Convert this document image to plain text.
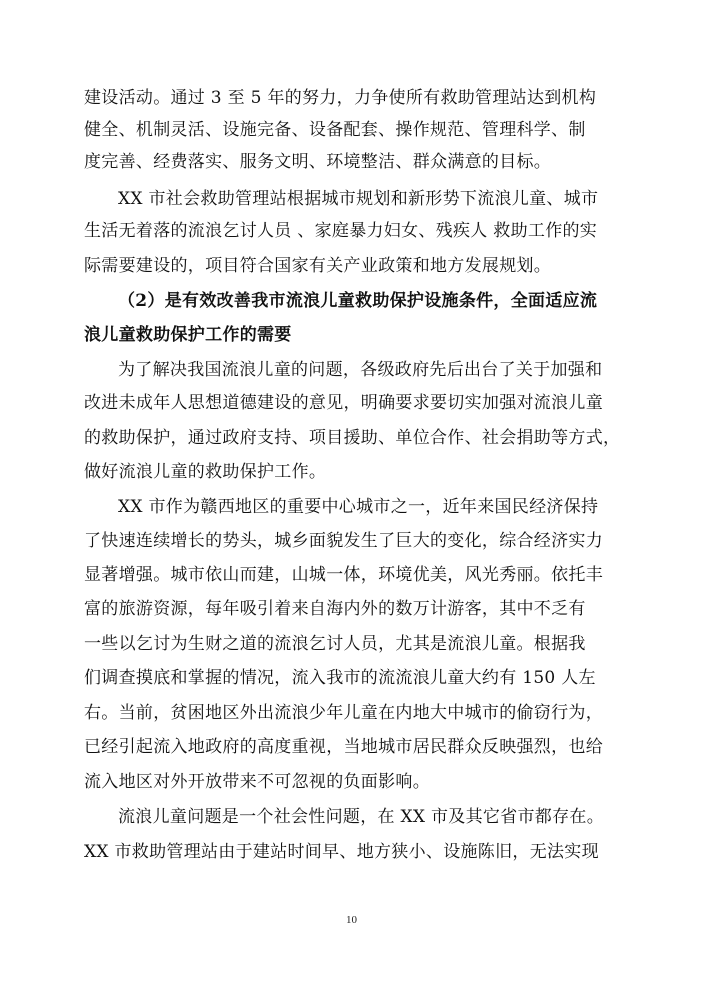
​
建设活动。通过 3 至 5 年的努力，力争使所有救助管理站达到机构
健全、机制灵活、设施完备、设备配套、操作规范、管理科学、制
度完善、经费落实、服务文明、环境整洁、群众满意的目标。
XX 市社会救助管理站根据城市规划和新形势下流浪儿童、城市
生活无着落的流浪乞讨人员 、家庭暴力妇女、残疾人 救助工作的实
际需要建设的，项目符合国家有关产业政策和地方发展规划。
（2）是有效改善我市流浪儿童救助保护设施条件，全面适应流
浪儿童救助保护工作的需要
为了解决我国流浪儿童的问题，各级政府先后出台了关于加强和
改进未成年人思想道德建设的意见，明确要求要切实加强对流浪儿童
的救助保护，通过政府支持、项目援助、单位合作、社会捐助等方式，
做好流浪儿童的救助保护工作。
XX 市作为赣西地区的重要中心城市之一，近年来国民经济保持
了快速连续增长的势头，城乡面貌发生了巨大的变化，综合经济实力
显著增强。城市依山而建，山城一体，环境优美，风光秀丽。依托丰
富的旅游资源，每年吸引着来自海内外的数万计游客，其中不乏有
一些以乞讨为生财之道的流浪乞讨人员，尤其是流浪儿童。根据我
们调查摸底和掌握的情况，流入我市的流流浪儿童大约有 150 人左
右。当前，贫困地区外出流浪少年儿童在内地大中城市的偷窃行为，
已经引起流入地政府的高度重视，当地城市居民群众反映强烈，也给
流入地区对外开放带来不可忽视的负面影响。
流浪儿童问题是一个社会性问题，在 XX 市及其它省市都存在。
XX 市救助管理站由于建站时间早、地方狭小、设施陈旧，无法实现
10
